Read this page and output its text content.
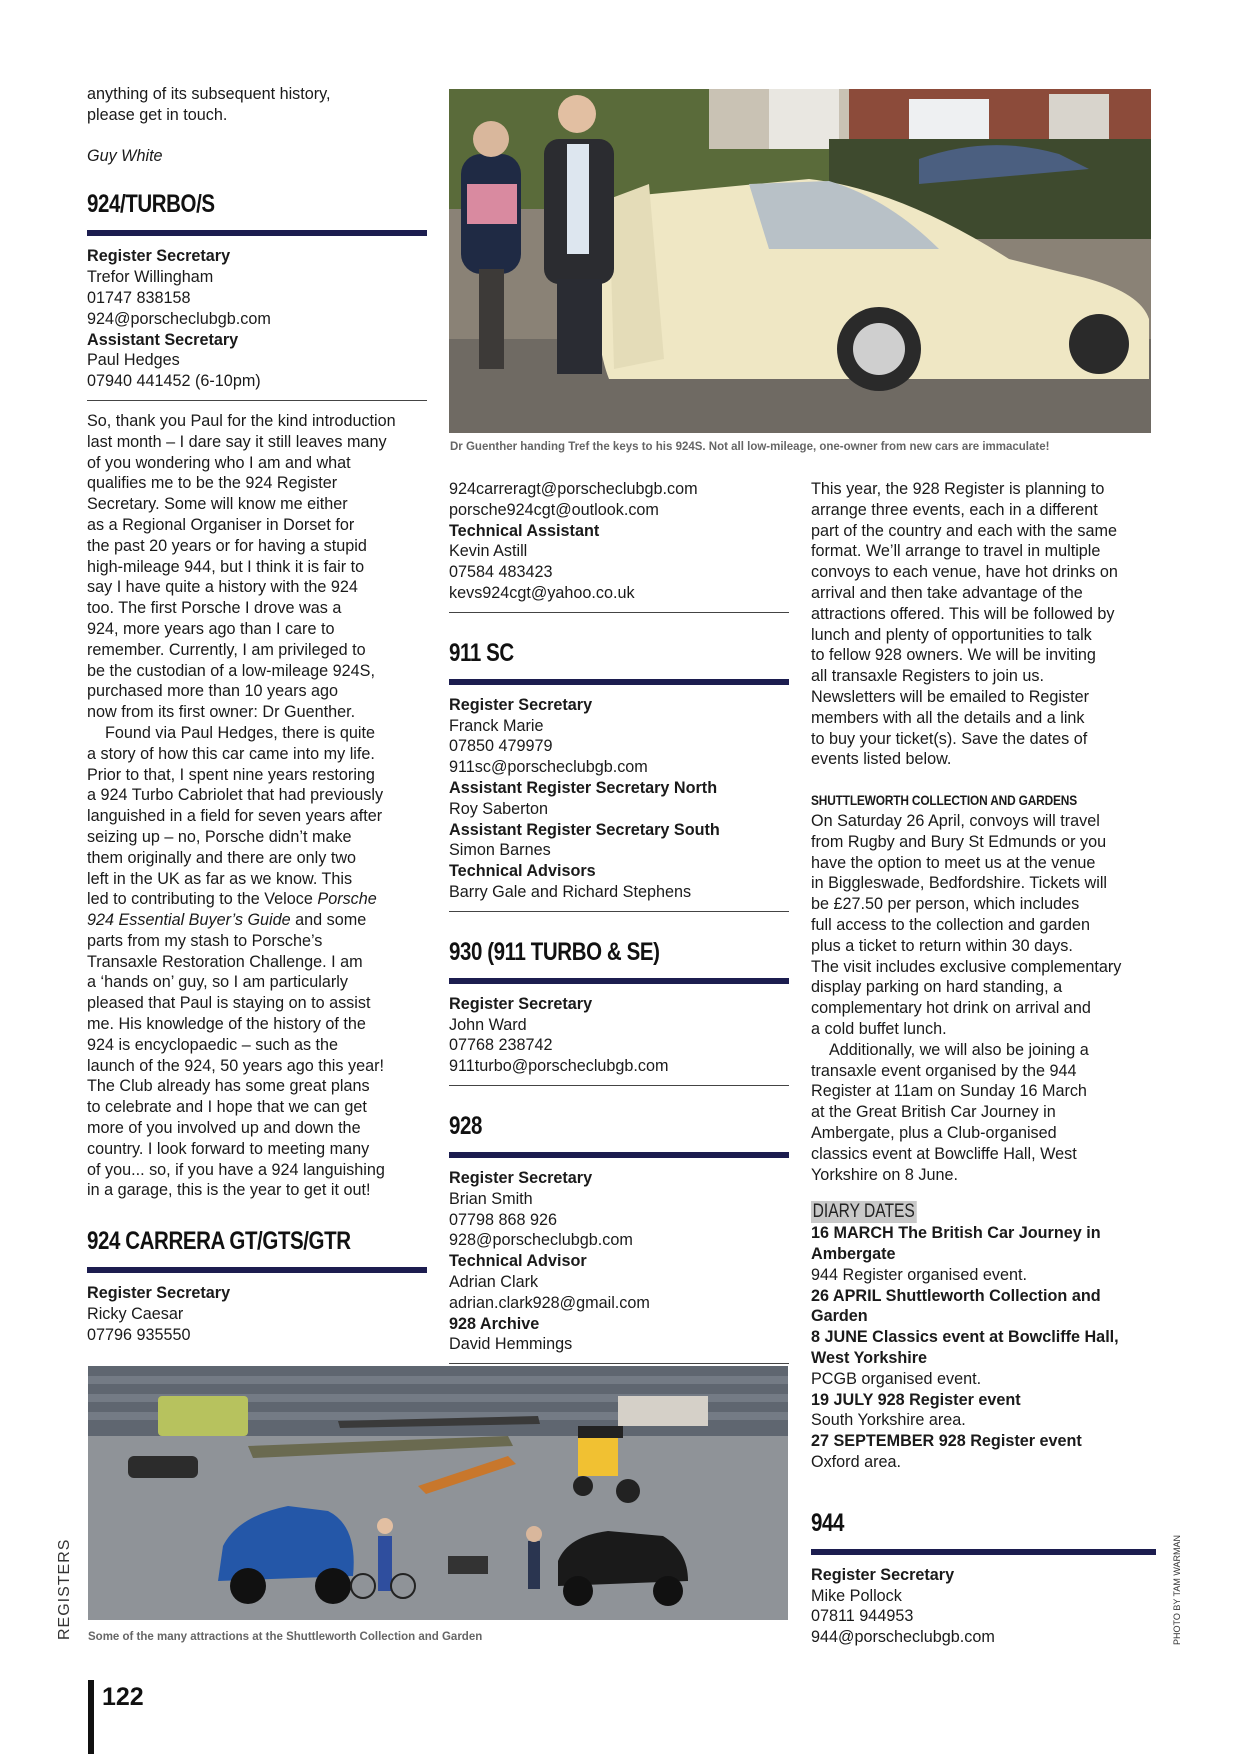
anything of its subsequent history,

please get in touch.

Guy White

924/TURBO/S

Register Secretary

Trefor Willingham

01747 838158

924@porscheclubgb.com

Assistant Secretary

Paul Hedges

07940 441452 (6-10pm)

So, thank you Paul for the kind introduction

last month – I dare say it still leaves many

of you wondering who I am and what

qualifies me to be the 924 Register

Secretary. Some will know me either

as a Regional Organiser in Dorset for

the past 20 years or for having a stupid

high-mileage 944, but I think it is fair to

say I have quite a history with the 924

too. The first Porsche I drove was a

924, more years ago than I care to

remember. Currently, I am privileged to

be the custodian of a low-mileage 924S,

purchased more than 10 years ago

now from its first owner: Dr Guenther.

Found via Paul Hedges, there is quite

a story of how this car came into my life.

Prior to that, I spent nine years restoring

a 924 Turbo Cabriolet that had previously

languished in a field for seven years after

seizing up – no, Porsche didn’t make

them originally and there are only two

left in the UK as far as we know. This

led to contributing to the Veloce Porsche

924 Essential Buyer’s Guide and some

parts from my stash to Porsche’s

Transaxle Restoration Challenge. I am

a ‘hands on’ guy, so I am particularly

pleased that Paul is staying on to assist

me. His knowledge of the history of the

924 is encyclopaedic – such as the

launch of the 924, 50 years ago this year!

The Club already has some great plans

to celebrate and I hope that we can get

more of you involved up and down the

country. I look forward to meeting many

of you... so, if you have a 924 languishing

in a garage, this is the year to get it out!

924 CARRERA GT/GTS/GTR

Register Secretary

Ricky Caesar

07796 935550

Dr Guenther handing Tref the keys to his 924S. Not all low-mileage, one-owner from new cars are immaculate!

924carreragt@porscheclubgb.com

porsche924cgt@outlook.com

Technical Assistant

Kevin Astill

07584 483423

kevs924cgt@yahoo.co.uk

911 SC

Register Secretary

Franck Marie

07850 479979

911sc@porscheclubgb.com

Assistant Register Secretary North

Roy Saberton

Assistant Register Secretary South

Simon Barnes

Technical Advisors

Barry Gale and Richard Stephens

930 (911 TURBO & SE)

Register Secretary

John Ward

07768 238742

911turbo@porscheclubgb.com

928

Register Secretary

Brian Smith

07798 868 926

928@porscheclubgb.com

Technical Advisor

Adrian Clark

adrian.clark928@gmail.com

928 Archive

David Hemmings

This year, the 928 Register is planning to

arrange three events, each in a different

part of the country and each with the same

format. We’ll arrange to travel in multiple

convoys to each venue, have hot drinks on

arrival and then take advantage of the

attractions offered. This will be followed by

lunch and plenty of opportunities to talk

to fellow 928 owners. We will be inviting

all transaxle Registers to join us.

Newsletters will be emailed to Register

members with all the details and a link

to buy your ticket(s). Save the dates of

events listed below.

SHUTTLEWORTH COLLECTION AND GARDENS

On Saturday 26 April, convoys will travel

from Rugby and Bury St Edmunds or you

have the option to meet us at the venue

in Biggleswade, Bedfordshire. Tickets will

be £27.50 per person, which includes

full access to the collection and garden

plus a ticket to return within 30 days.

The visit includes exclusive complementary

display parking on hard standing, a

complementary hot drink on arrival and

a cold buffet lunch.

Additionally, we will also be joining a

transaxle event organised by the 944

Register at 11am on Sunday 16 March

at the Great British Car Journey in

Ambergate, plus a Club-organised

classics event at Bowcliffe Hall, West

Yorkshire on 8 June.

DIARY DATES

16 MARCH The British Car Journey in

Ambergate

944 Register organised event.

26 APRIL Shuttleworth Collection and

Garden

8 JUNE Classics event at Bowcliffe Hall,

West Yorkshire

PCGB organised event.

19 JULY 928 Register event

South Yorkshire area.

27 SEPTEMBER 928 Register event

Oxford area.

944

Register Secretary

Mike Pollock

07811 944953

944@porscheclubgb.com

Some of the many attractions at the Shuttleworth Collection and Garden
REGISTERS	PHOTO BY TAM WARMAN
122
